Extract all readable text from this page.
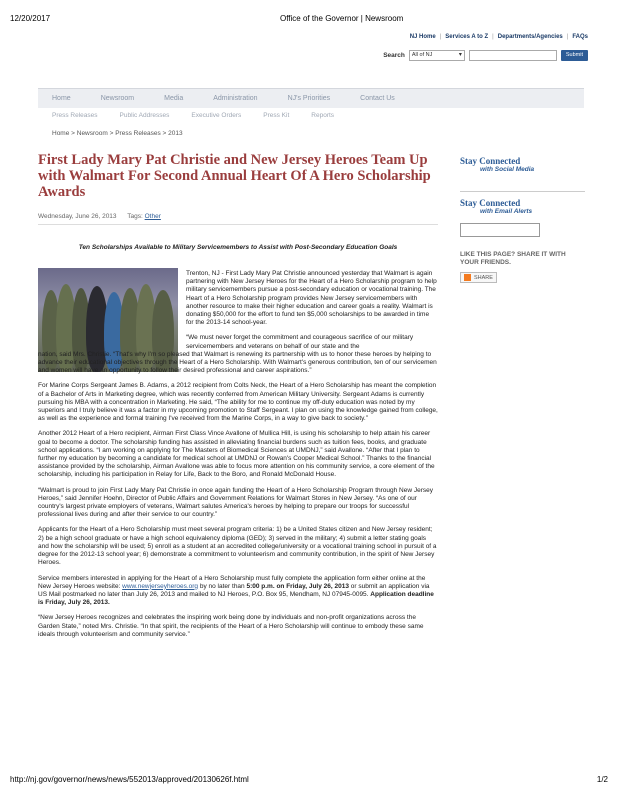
12/20/2017	Office of the Governor | Newsroom
NJ Home | Services A to Z | Departments/Agencies | FAQs
Search	All of NJ ▾	Submit
Home	Newsroom	Media	Administration	NJ's Priorities	Contact Us
Press Releases	Public Addresses	Executive Orders	Press Kit	Reports
Home > Newsroom > Press Releases > 2013
First Lady Mary Pat Christie and New Jersey Heroes Team Up with Walmart For Second Annual Heart Of A Hero Scholarship Awards
Wednesday, June 26, 2013 Tags: Other
Ten Scholarships Available to Military Servicemembers to Assist with Post-Secondary Education Goals

Trenton, NJ - First Lady Mary Pat Christie announced yesterday that Walmart is again partnering with New Jersey Heroes for the Heart of a Hero Scholarship program to help military servicemembers pursue a post-secondary education or vocational training. The Heart of a Hero Scholarship program provides New Jersey servicemembers with another resource to make their higher education and career goals a reality. Walmart is donating $50,000 for the effort to fund ten $5,000 scholarships to be awarded in time for the 2013-14 school-year.

“We must never forget the commitment and courageous sacrifice of our military servicemembers and veterans on behalf of our state and the

nation, said Mrs. Christie. “That's why I'm so pleased that Walmart is renewing its partnership with us to honor these heroes by helping to advance their educational objectives through the Heart of a Hero Scholarship. With Walmart's generous contribution, ten of our servicemen and women will have an opportunity to follow their desired professional and career aspirations.”

For Marine Corps Sergeant James B. Adams, a 2012 recipient from Colts Neck, the Heart of a Hero Scholarship has meant the completion of a Bachelor of Arts in Marketing degree, which was recently conferred from American Military University. Sergeant Adams is currently pursuing his MBA with a concentration in Marketing. He said, “The ability for me to continue my off-duty education was noted by my superiors and I truly believe it was a factor in my upcoming promotion to Staff Sergeant. I plan on using the knowledge gained from college, as well as the experience and formal training I've received from the Marine Corps, in a way to give back to society.”

Another 2012 Heart of a Hero recipient, Airman First Class Vince Avallone of Mullica Hill, is using his scholarship to help attain his career goal to become a doctor. The scholarship funding has assisted in alleviating financial burdens such as tuition fees, books, and graduate school applications. “I am working on applying for The Masters of Biomedical Sciences at UMDNJ,” said Avallone. “After that I plan to further my education by becoming a candidate for medical school at UMDNJ or Rowan's Cooper Medical School.” Thanks to the financial assistance provided by the scholarship, Airman Avallone was able to focus more attention on his community service, a core element of the scholarship, including his participation in Relay for Life, Back to the Boro, and Ronald McDonald House.

“Walmart is proud to join First Lady Mary Pat Christie in once again funding the Heart of a Hero Scholarship Program through New Jersey Heroes,” said Jennifer Hoehn, Director of Public Affairs and Government Relations for Walmart Stores in New Jersey. “As one of our country's largest private employers of veterans, Walmart salutes America's heroes by helping to prepare our troops for successful professional lives during and after their service to our country.”

Applicants for the Heart of a Hero Scholarship must meet several program criteria: 1) be a United States citizen and New Jersey resident; 2) be a high school graduate or have a high school equivalency diploma (GED); 3) served in the military; 4) submit a letter stating goals and how the scholarship will be used; 5) enroll as a student at an accredited college/university or a vocational training school in pursuit of a degree for the 2012-13 school year; 6) demonstrate a commitment to volunteerism and community contribution, in the spirit of New Jersey Heroes.

Service members interested in applying for the Heart of a Hero Scholarship must fully complete the application form either online at the New Jersey Heroes website: www.newjerseyheroes.org by no later than 5:00 p.m. on Friday, July 26, 2013 or submit an application via US Mail postmarked no later than July 26, 2013 and mailed to NJ Heroes, P.O. Box 95, Mendham, NJ 07945-0095. Application deadline is Friday, July 26, 2013.

“New Jersey Heroes recognizes and celebrates the inspiring work being done by individuals and non-profit organizations across the Garden State,” noted Mrs. Christie. “In that spirit, the recipients of the Heart of a Hero Scholarship will continue to embody these same ideals through volunteerism and community service.”

Stay Connected
with Social Media
Stay Connected
with Email Alerts
LIKE THIS PAGE? SHARE IT WITH YOUR FRIENDS.
SHARE
http://nj.gov/governor/news/news/552013/approved/20130626f.html	1/2
